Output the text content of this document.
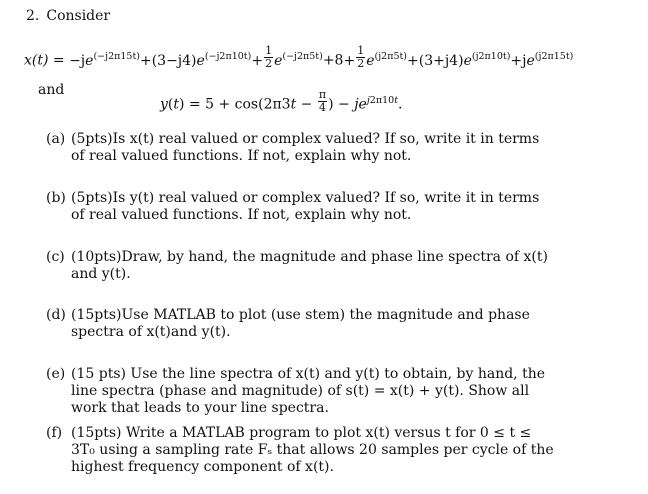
2. Consider
$x(t) = -je^{(-j2\pi 15t)}+(3-j4)e^{(-j2\pi 10t)}+ \frac{1}{2} e^{(-j2\pi 5t)}+8+ \frac{1}{2} e^{(j2\pi 5t)}+(3+j4)e^{(j2\pi 10t)}+je^{(j2\pi 15t)}$
and
$y(t) = 5 + \cos(2\pi 3t - \frac{\pi}{4}$ ) − $je^{j2\pi 10t}$.
(a) (5pts)Is x(t) real valued or complex valued? If so, write it in terms
of real valued functions. If not, explain why not.
(b) (5pts)Is y(t) real valued or complex valued? If so, write it in terms
of real valued functions. If not, explain why not.
(c) (10pts)Draw, by hand, the magnitude and phase line spectra of x(t)
and y(t).
(d) (15pts)Use MATLAB to plot (use stem) the magnitude and phase
spectra of x(t)and y(t).
(e) (15 pts) Use the line spectra of x(t) and y(t) to obtain, by hand, the
line spectra (phase and magnitude) of s(t) = x(t) + y(t). Show all
work that leads to your line spectra.
(f) (15pts) Write a MATLAB program to plot x(t) versus t for 0 ≤ t ≤
3T₀ using a sampling rate Fₛ that allows 20 samples per cycle of the
highest frequency component of x(t).
